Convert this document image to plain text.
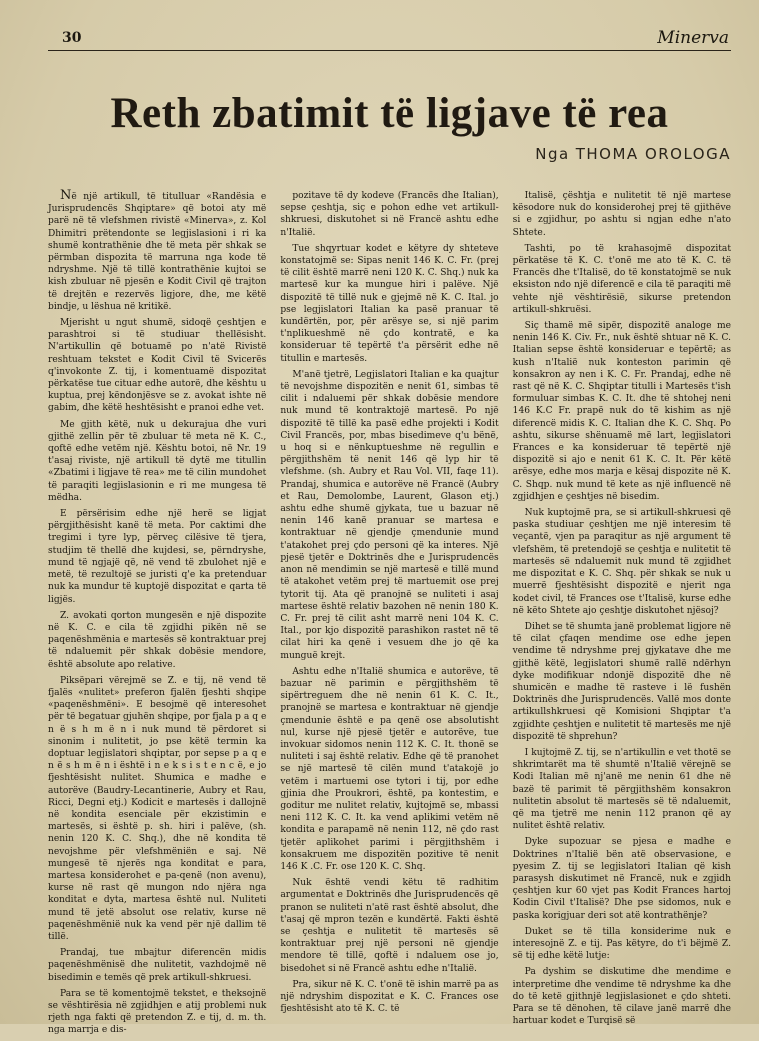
30	Minerva
Reth zbatimit të ligjave të rea
Nga THOMA OROLOGA

Në një artikull, të titulluar «Randësia e Jurisprudencës Shqiptare» që botoi aty më parë në të vlefshmen rivistë «Minerva», z. Kol Dhimitri prëtendonte se legjislasioni i ri ka shumë kontrathënie dhe të meta për shkak se përmban dispozita të marruna nga kode të ndryshme. Një të tillë kontrathënie kujtoi se kish zbuluar në pjesën e Kodit Civil që trajton të drejtën e rezervës ligjore, dhe, me këtë bindje, u lëshua në kritikë.

Mjerisht u ngut shumë, sidoqë çeshtjen e parashtroi si të studiuar thellësisht. N'artikullin që botuamë po n'atë Rivistë reshtuam tekstet e Kodit Civil të Svicerës q'invokonte Z. tij, i komentuamë dispozitat përkatëse tue cituar edhe autorë, dhe kështu u kuptua, prej këndonjësve se z. avokat ishte në gabim, dhe këtë heshtësisht e pranoi edhe vet.

Me gjith këtë, nuk u dekurajua dhe vuri gjithë zellin për të zbuluar të meta në K. C., qoftë edhe vetëm një. Kështu botoi, në Nr. 19 t'asaj riviste, një artikull të dytë me titullin «Zbatimi i ligjave të rea» me të cilin mundohet të paraqiti legjislasionin e ri me mungesa të mëdha.

E përsërisim edhe një herë se ligjat përgjithësisht kanë të meta. Por caktimi dhe tregimi i tyre lyp, përveç cilësive të tjera, studjim të thellë dhe kujdesi, se, përndryshe, mund të ngjajë që, në vend të zbulohet një e metë, të rezultojë se juristi q'e ka pretenduar nuk ka mundur të kuptojë dispozitat e qarta të ligjës.

Z. avokati qorton mungesën e një dispozite në K. C. e cila të zgjidhi pikën në se paqenëshmënia e martesës së kontraktuar prej të ndaluemit për shkak dobësie mendore, është absolute apo relative.

Piksëpari vërejmë se Z. e tij, në vend të fjalës «nulitet» preferon fjalën fjeshti shqipe «paqenëshmëni». E besojmë që interesohet për të begatuar gjuhën shqipe, por fjala p a q e n ë s h m ë n i nuk mund të përdoret si sinonim i nulitetit, jo pse këtë termin ka doptuar legjislatori shqiptar, por sepse p a q e n ë s h m ë n i është i n e k s i s t e n c ë, e jo fjeshtësisht nulitet. Shumica e madhe e autorëve (Baudry-Lecantinerie, Aubry et Rau, Ricci, Degni etj.) Kodicit e martesës i dallojnë në kondita esenciale për ekzistimin e martesës, si është p. sh. hiri i palëve, (sh. nenin 120 K. C. Shq.), dhe në kondita të nevojshme për vlefshmëniën e saj. Në mungesë të njerës nga konditat e para, martesa konsiderohet e pa-qenë (non avenu), kurse në rast që mungon ndo njëra nga konditat e dyta, martesa është nul. Nuliteti mund të jetë absolut ose relativ, kurse në paqenëshmënië nuk ka vend për një dallim të tillë.

Prandaj, tue mbajtur diferencën midis paqenëshmënisë dhe nulitetit, vazhdojmë në bisedimin e temës që prek artikull-shkruesi.

Para se të komentojmë tekstet, e theksojnë se vështirësia në zgjidhjen e atij problemi nuk rjeth nga fakti që pretendon Z. e tij, d. m. th. nga marrja e dis-

pozitave të dy kodeve (Francës dhe Italian), sepse çeshtja, siç e pohon edhe vet artikull-shkruesi, diskutohet si në Francë ashtu edhe n'Italië.

Tue shqyrtuar kodet e këtyre dy shteteve konstatojmë se: Sipas nenit 146 K. C. Fr. (prej të cilit është marrë neni 120 K. C. Shq.) nuk ka martesë kur ka mungue hiri i palëve. Një dispozitë të tillë nuk e gjejmë në K. C. Ital. jo pse legjislatori Italian ka pasë pranuar të kundërtën, por, për arësye se, si një parim t'nplikueshmë në çdo kontratë, e ka konsideruar të tepërtë t'a përsërit edhe në titullin e martesës.

M'anë tjetrë, Legjislatori Italian e ka quajtur të nevojshme dispozitën e nenit 61, simbas të cilit i ndaluemi për shkak dobësie mendore nuk mund të kontraktojë martesë. Po një dispozitë të tillë ka pasë edhe projekti i Kodit Civil Francës, por, mbas bisedimeve q'u bënë, u hoq si e nënkuptueshme në regullin e përgjithshëm të nenit 146 që lyp hir të vlefshme. (sh. Aubry et Rau Vol. VII, faqe 11). Prandaj, shumica e autorëve në Francë (Aubry et Rau, Demolombe, Laurent, Glason etj.) ashtu edhe shumë gjykata, tue u bazuar në nenin 146 kanë pranuar se martesa e kontraktuar në gjendje çmendunie mund t'atakohet prej çdo personi që ka interes. Një pjesë tjetër e Doktrinës dhe e Jurisprudencës anon në mendimin se një martesë e tillë mund të atakohet vetëm prej të martuemit ose prej tytorit tij. Ata që pranojnë se nuliteti i asaj martese është relativ bazohen në nenin 180 K. C. Fr. prej të cilit asht marrë neni 104 K. C. Ital., por kjo dispozitë parashikon rastet në të cilat hiri ka qenë i vesuem dhe jo që ka munguë krejt.

Ashtu edhe n'Italië shumica e autorëve, të bazuar në parimin e përgjithshëm të sipërtreguem dhe në nenin 61 K. C. It., pranojnë se martesa e kontraktuar në gjendje çmendunie është e pa qenë ose absolutisht nul, kurse një pjesë tjetër e autorëve, tue invokuar sidomos nenin 112 K. C. It. thonë se nuliteti i saj është relativ. Edhe që të pranohet se një martesë të cilën mund t'atakojë jo vetëm i martuemi ose tytori i tij, por edhe gjinia dhe Proukrori, është, pa kontestim, e goditur me nulitet relativ, kujtojmë se, mbassi neni 112 K. C. It. ka vend aplikimi vetëm në kondita e parapamë në nenin 112, në çdo rast tjetër aplikohet parimi i përgjithshëm i konsakruem me dispozitën pozitive të nenit 146 K .C. Fr. ose 120 K. C. Shq.

Nuk është vendi këtu të radhitim argumentat e Doktrinës dhe Jurisprudencës që pranon se nuliteti n'atë rast është absolut, dhe t'asaj që mpron tezën e kundërtë. Fakti është se çeshtja e nulitetit të martesës së kontraktuar prej një personi në gjendje mendore të tillë, qoftë i ndaluem ose jo, bisedohet si në Francë ashtu edhe n'Italië.

Pra, sikur në K. C. t'onë të ishin marrë pa as një ndryshim dispozitat e K. C. Frances ose fjeshtësisht ato të K. C. të

Italisë, çështja e nulitetit të një martese kësodore nuk do konsiderohej prej të gjithëve si e zgjidhur, po ashtu si ngjan edhe n'ato Shtete.

Tashti, po të krahasojmë dispozitat përkatëse të K. C. t'onë me ato të K. C. të Francës dhe t'Italisë, do të konstatojmë se nuk eksiston ndo një diferencë e cila të paraqiti më vehte një vështirësië, sikurse pretendon artikull-shkruësi.

Siç thamë më sipër, dispozitë analoge me nenin 146 K. Civ. Fr., nuk është shtuar në K. C. Italian sepse është konsideruar e tepërtë; as kush n'Italië nuk konteston parimin që konsakron ay nen i K. C. Fr. Prandaj, edhe në rast që në K. C. Shqiptar titulli i Martesës t'ish formuluar simbas K. C. It. dhe të shtohej neni 146 K.C Fr. prapë nuk do të kishim as një diferencë midis K. C. Italian dhe K. C. Shq. Po ashtu, sikurse shënuamë më lart, legjislatori Frances e ka konsideruar të tepërtë një dispozitë si ajo e nenit 61 K. C. It. Për këtë arësye, edhe mos marja e kësaj dispozite në K. C. Shqp. nuk mund të kete as një influencë në zgjidhjen e çeshtjes në bisedim.

Nuk kuptojmë pra, se si artikull-shkruesi që paska studiuar çeshtjen me një interesim të veçantë, vjen pa paraqitur as një argument të vlefshëm, të pretendojë se çeshtja e nulitetit të martesës së ndaluemit nuk mund të zgjidhet me dispozitat e K. C. Shq. për shkak se nuk u muerrë fjeshtësisht dispozitë e njerit nga kodet civil, të Frances ose t'Italisë, kurse edhe në këto Shtete ajo çeshtje diskutohet njësoj?

Dihet se të shumta janë problemat ligjore në të cilat çfaqen mendime ose edhe jepen vendime të ndryshme prej gjykatave dhe me gjithë këtë, legjislatori shumë rallë ndërhyn dyke modifikuar ndonjë dispozitë dhe në shumicën e madhe të rasteve i lë fushën Doktrinës dhe Jurisprudencës. Vallë mos donte artikullshkruesi që Komisioni Shqiptar t'a zgjidhte çeshtjen e nulitetit të martesës me një dispozitë të shprehun?

I kujtojmë Z. tij, se n'artikullin e vet thotë se shkrimtarët ma të shumtë n'Italië vërejnë se Kodi Italian më nj'anë me nenin 61 dhe në bazë të parimit të përgjithshëm konsakron nulitetin absolut të martesës së të ndaluemit, që ma tjetrë me nenin 112 pranon që ay nulitet është relativ.

Dyke supozuar se pjesa e madhe e Doktrines n'Italië bën atë observasione, e pyesim Z. tij se legjislatori Italian që kish parasysh diskutimet në Francë, nuk e zgjidh çeshtjen kur 60 vjet pas Kodit Frances hartoj Kodin Civil t'Italisë? Dhe pse sidomos, nuk e paska korigjuar deri sot atë kontrathënje?

Duket se të tilla konsiderime nuk e interesojnë Z. e tij. Pas këtyre, do t'i bëjmë Z. së tij edhe këtë lutje:

Pa dyshim se diskutime dhe mendime e interpretime dhe vendime të ndryshme ka dhe do të ketë gjithnjë legjislasionet e çdo shteti. Para se të dënohen, të cilave janë marrë dhe hartuar kodet e Turqisë së
